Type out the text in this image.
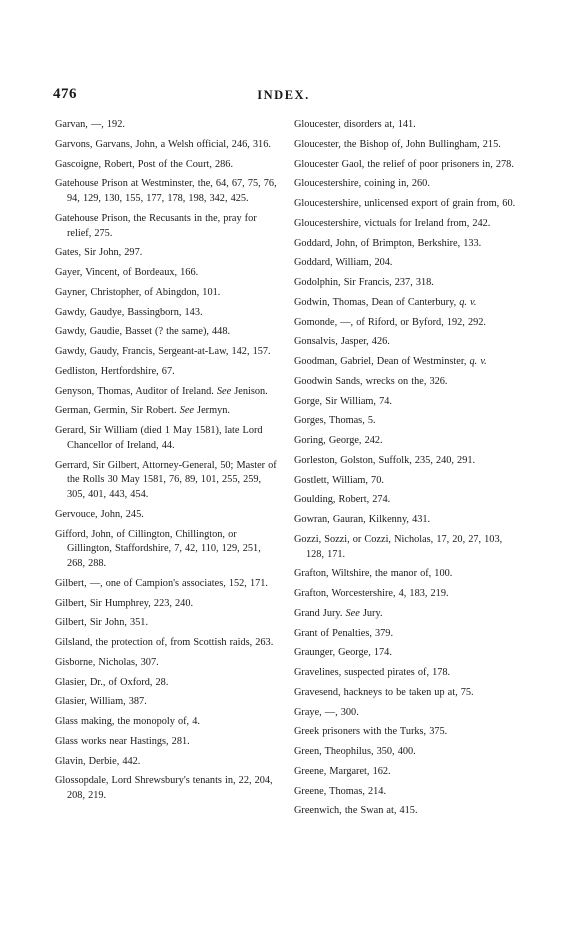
476	INDEX.
Garvan, —, 192.
Garvons, Garvans, John, a Welsh official, 246, 316.
Gascoigne, Robert, Post of the Court, 286.
Gatehouse Prison at Westminster, the, 64, 67, 75, 76, 94, 129, 130, 155, 177, 178, 198, 342, 425.
Gatehouse Prison, the Recusants in the, pray for relief, 275.
Gates, Sir John, 297.
Gayer, Vincent, of Bordeaux, 166.
Gayner, Christopher, of Abingdon, 101.
Gawdy, Gaudye, Bassingborn, 143.
Gawdy, Gaudie, Basset (? the same), 448.
Gawdy, Gaudy, Francis, Sergeant-at-Law, 142, 157.
Gedliston, Hertfordshire, 67.
Genyson, Thomas, Auditor of Ireland. See Jenison.
German, Germin, Sir Robert. See Jermyn.
Gerard, Sir William (died 1 May 1581), late Lord Chancellor of Ireland, 44.
Gerrard, Sir Gilbert, Attorney-General, 50; Master of the Rolls 30 May 1581, 76, 89, 101, 255, 259, 305, 401, 443, 454.
Gervouce, John, 245.
Gifford, John, of Cillington, Chillington, or Gillington, Staffordshire, 7, 42, 110, 129, 251, 268, 288.
Gilbert, —, one of Campion's associates, 152, 171.
Gilbert, Sir Humphrey, 223, 240.
Gilbert, Sir John, 351.
Gilsland, the protection of, from Scottish raids, 263.
Gisborne, Nicholas, 307.
Glasier, Dr., of Oxford, 28.
Glasier, William, 387.
Glass making, the monopoly of, 4.
Glass works near Hastings, 281.
Glavin, Derbie, 442.
Glossopdale, Lord Shrewsbury's tenants in, 22, 204, 208, 219.
Gloucester, disorders at, 141.
Gloucester, the Bishop of, John Bullingham, 215.
Gloucester Gaol, the relief of poor prisoners in, 278.
Gloucestershire, coining in, 260.
Gloucestershire, unlicensed export of grain from, 60.
Gloucestershire, victuals for Ireland from, 242.
Goddard, John, of Brimpton, Berkshire, 133.
Goddard, William, 204.
Godolphin, Sir Francis, 237, 318.
Godwin, Thomas, Dean of Canterbury, q. v.
Gomonde, —, of Riford, or Byford, 192, 292.
Gonsalvis, Jasper, 426.
Goodman, Gabriel, Dean of Westminster, q. v.
Goodwin Sands, wrecks on the, 326.
Gorge, Sir William, 74.
Gorges, Thomas, 5.
Goring, George, 242.
Gorleston, Golston, Suffolk, 235, 240, 291.
Gostlett, William, 70.
Goulding, Robert, 274.
Gowran, Gauran, Kilkenny, 431.
Gozzi, Sozzi, or Cozzi, Nicholas, 17, 20, 27, 103, 128, 171.
Grafton, Wiltshire, the manor of, 100.
Grafton, Worcestershire, 4, 183, 219.
Grand Jury. See Jury.
Grant of Penalties, 379.
Graunger, George, 174.
Gravelines, suspected pirates of, 178.
Gravesend, hackneys to be taken up at, 75.
Graye, —, 300.
Greek prisoners with the Turks, 375.
Green, Theophilus, 350, 400.
Greene, Margaret, 162.
Greene, Thomas, 214.
Greenwich, the Swan at, 415.
